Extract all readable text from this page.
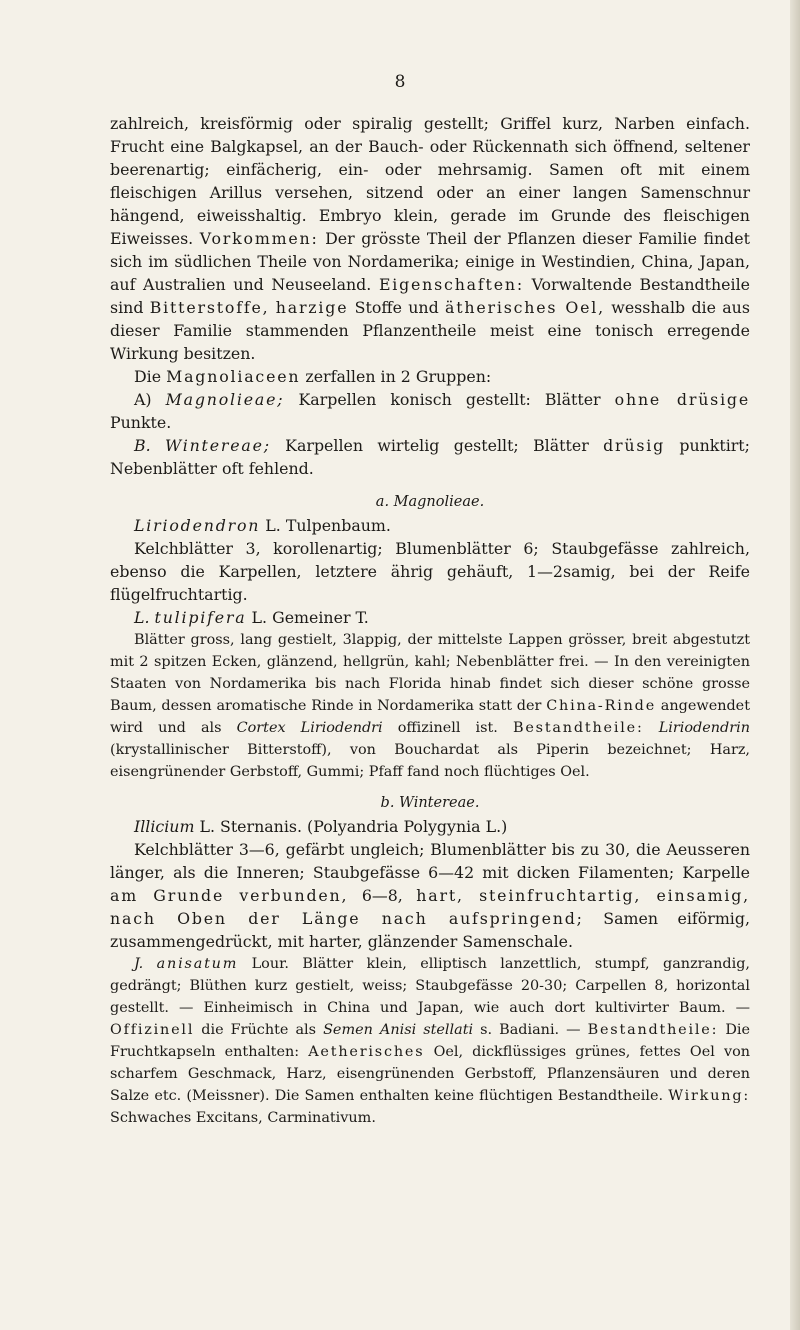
8

zahlreich, kreisförmig oder spiralig gestellt; Griffel kurz, Narben einfach. Frucht eine Balgkapsel, an der Bauch- oder Rückennath sich öffnend, seltener beerenartig; einfächerig, ein- oder mehrsamig. Samen oft mit einem fleischigen Arillus versehen, sitzend oder an einer langen Samenschnur hängend, eiweisshaltig. Embryo klein, gerade im Grunde des fleischigen Eiweisses. Vorkommen: Der grösste Theil der Pflanzen dieser Familie findet sich im südlichen Theile von Nordamerika; einige in Westindien, China, Japan, auf Australien und Neuseeland. Eigenschaften: Vorwaltende Bestandtheile sind Bitterstoffe, harzige Stoffe und ätherisches Oel, wesshalb die aus dieser Familie stammenden Pflanzentheile meist eine tonisch erregende Wirkung besitzen.

Die Magnoliaceen zerfallen in 2 Gruppen:

A) Magnolieae; Karpellen konisch gestellt: Blätter ohne drüsige Punkte.

B. Wintereae; Karpellen wirtelig gestellt; Blätter drüsig punktirt; Nebenblätter oft fehlend.

a. Magnolieae.

Liriodendron L. Tulpenbaum.

Kelchblätter 3, korollenartig; Blumenblätter 6; Staubgefässe zahlreich, ebenso die Karpellen, letztere ährig gehäuft, 1—2samig, bei der Reife flügelfruchtartig.

L. tulipifera L. Gemeiner T.

Blätter gross, lang gestielt, 3lappig, der mittelste Lappen grösser, breit abgestutzt mit 2 spitzen Ecken, glänzend, hellgrün, kahl; Nebenblätter frei. — In den vereinigten Staaten von Nordamerika bis nach Florida hinab findet sich dieser schöne grosse Baum, dessen aromatische Rinde in Nordamerika statt der China-Rinde angewendet wird und als Cortex Liriodendri offizinell ist. Bestandtheile: Liriodendrin (krystallinischer Bitterstoff), von Bouchardat als Piperin bezeichnet; Harz, eisengrünender Gerbstoff, Gummi; Pfaff fand noch flüchtiges Oel.

b. Wintereae.

Illicium L. Sternanis. (Polyandria Polygynia L.)

Kelchblätter 3—6, gefärbt ungleich; Blumenblätter bis zu 30, die Aeusseren länger, als die Inneren; Staubgefässe 6—42 mit dicken Filamenten; Karpelle am Grunde verbunden, 6—8, hart, steinfruchtartig, einsamig, nach Oben der Länge nach aufspringend; Samen eiförmig, zusammengedrückt, mit harter, glänzender Samenschale.

J. anisatum Lour. Blätter klein, elliptisch lanzettlich, stumpf, ganzrandig, gedrängt; Blüthen kurz gestielt, weiss; Staubgefässe 20-30; Carpellen 8, horizontal gestellt. — Einheimisch in China und Japan, wie auch dort kultivirter Baum. — Offizinell die Früchte als Semen Anisi stellati s. Badiani. — Bestandtheile: Die Fruchtkapseln enthalten: Aetherisches Oel, dickflüssiges grünes, fettes Oel von scharfem Geschmack, Harz, eisengrünenden Gerbstoff, Pflanzensäuren und deren Salze etc. (Meissner). Die Samen enthalten keine flüchtigen Bestandtheile. Wirkung: Schwaches Excitans, Carminativum.
